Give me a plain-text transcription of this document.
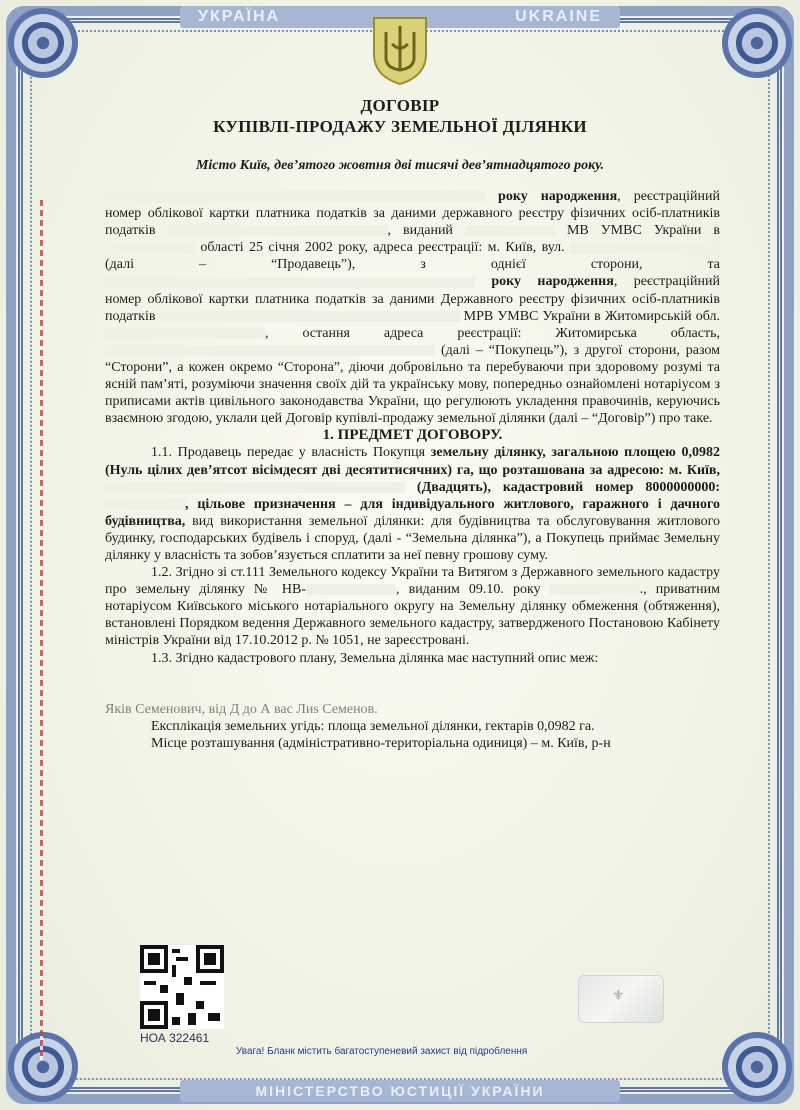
УКРАЇНА	UKRAINE
ДОГОВІР
КУПІВЛІ-ПРОДАЖУ ЗЕМЕЛЬНОЇ ДІЛЯНКИ
Місто Київ, дев’ятого жовтня дві тисячі дев’ятнадцятого року.

року народження, реєстраційний номер облікової картки платника податків за даними державного реєстру фізичних осіб-платників податків	, виданий	МВ УМВС України в  області 25 січня 2002 року, адреса реєстрації: м. Київ, вул.  (далі – “Продавець”), з однієї сторони, та  року народження, реєстраційний номер облікової картки платника податків за даними Державного реєстру фізичних осіб-платників податків	МРВ УМВС України в Житомирській обл. , остання адреса реєстрації: Житомирська область,  (далі – “Покупець”), з другої сторони, разом “Сторони”, а кожен окремо “Сторона”, діючи добровільно та перебуваючи при здоровому розумі та ясній пам’яті, розуміючи значення своїх дій та українську мову, попередньо ознайомлені нотаріусом з приписами актів цивільного законодавства України, що регулюють укладення правочинів, керуючись взаємною згодою, уклали цей Договір купівлі-продажу земельної ділянки (далі – “Договір”) про таке.

1. ПРЕДМЕТ ДОГОВОРУ.

1.1. Продавець передає у власність Покупця земельну ділянку, загальною площею 0,0982 (Нуль цілих дев’ятсот вісімдесят дві десятитисячних) га, що розташована за адресою: м. Київ,  (Двадцять), кадастровий номер 8000000000:, цільове призначення – для індивідуального житлового, гаражного і дачного будівництва, вид використання земельної ділянки: для будівництва та обслуговування житлового будинку, господарських будівель і споруд, (далі - “Земельна ділянка”), а Покупець приймає Земельну ділянку у власність та зобов’язується сплатити за неї певну грошову суму.

1.2. Згідно зі ст.111 Земельного кодексу України та Витягом з Державного земельного кадастру про земельну ділянку № НВ-	, виданим 09.10. року	., приватним нотаріусом Київського міського нотаріального округу на Земельну ділянку обмеження (обтяження), встановлені Порядком ведення Державного земельного кадастру, затвердженого Постановою Кабінету міністрів України від 17.10.2012 р. № 1051, не зареєстровані.

1.3. Згідно кадастрового плану, Земельна ділянка має наступний опис меж:

Яків Семенович, від Д до А вас Лиs Семенов.

Експлікація земельних угідь: площа земельної ділянки, гектарів 0,0982 га.

Місце розташування (адміністративно-територіальна одиниця) – м. Київ, р-н

НОА 322461
Увага! Бланк містить багатоступеневий захист від підроблення
⚜
МІНІСТЕРСТВО ЮСТИЦІЇ УКРАЇНИ
